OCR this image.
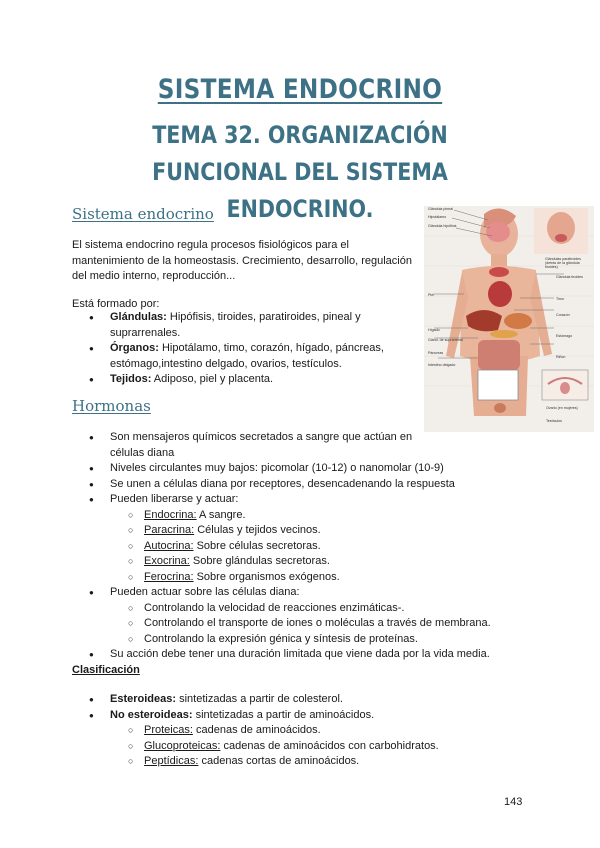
SISTEMA ENDOCRINO
TEMA 32. ORGANIZACIÓN FUNCIONAL DEL SISTEMA ENDOCRINO.
Sistema endocrino

El sistema endocrino regula procesos fisiológicos para el mantenimiento de la homeostasis. Crecimiento, desarrollo, regulación del medio interno, reproducción...

Está formado por:

● Glándulas: Hipófisis, tiroides, paratiroides, pineal y suprarrenales.
● Órganos: Hipotálamo, timo, corazón, hígado, páncreas, estómago,intestino delgado, ovarios, testículos.
● Tejidos: Adiposo, piel y placenta.
Glándula pineal
Hipotálamo
Glándula hipófisis
Glándulas paratiroides (detrás de la glándula tiroides)
Glándula tiroides
Piel
Timo
Corazón
Hígado
Glánd. de suprarrenal
Estómago
Páncreas
Riñón
Intestino delgado
Ovario (en mujeres)
Testículos
Hormonas
● Son mensajeros químicos secretados a sangre que actúan en células diana
● Niveles circulantes muy bajos: picomolar (10-12) o nanomolar (10-9)
● Se unen a células diana por receptores, desencadenando la respuesta
● Pueden liberarse y actuar:
○ Endocrina: A sangre.
○ Paracrina: Células y tejidos vecinos.
○ Autocrina: Sobre células secretoras.
○ Exocrina: Sobre glándulas secretoras.
○ Ferocrina: Sobre organismos exógenos.
● Pueden actuar sobre las células diana:
○ Controlando la velocidad de reacciones enzimáticas-.
○ Controlando el transporte de iones o moléculas a través de membrana.
○ Controlando la expresión génica y síntesis de proteínas.
● Su acción debe tener una duración limitada que viene dada por la vida media.
Clasificación
● Esteroideas: sintetizadas a partir de colesterol.
● No esteroideas: sintetizadas a partir de aminoácidos.
○ Proteicas: cadenas de aminoácidos.
○ Glucoproteicas: cadenas de aminoácidos con carbohidratos.
○ Peptídicas: cadenas cortas de aminoácidos.
143
